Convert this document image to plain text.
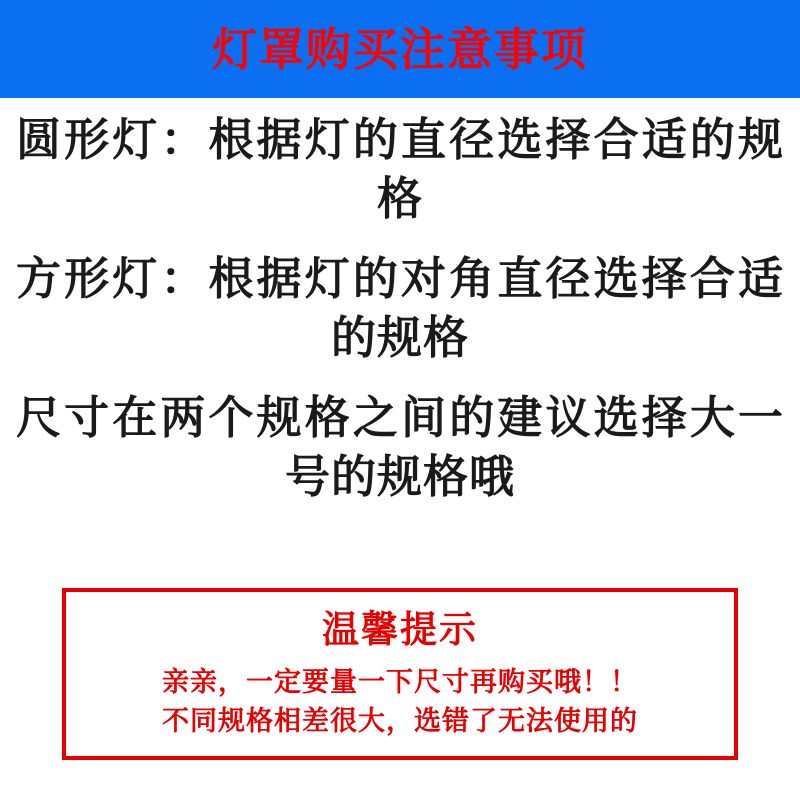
灯罩购买注意事项

圆形灯：根据灯的直径选择合适的规格

方形灯：根据灯的对角直径选择合适的规格

尺寸在两个规格之间的建议选择大一号的规格哦

温馨提示
亲亲，一定要量一下尺寸再购买哦！！
不同规格相差很大，选错了无法使用的
